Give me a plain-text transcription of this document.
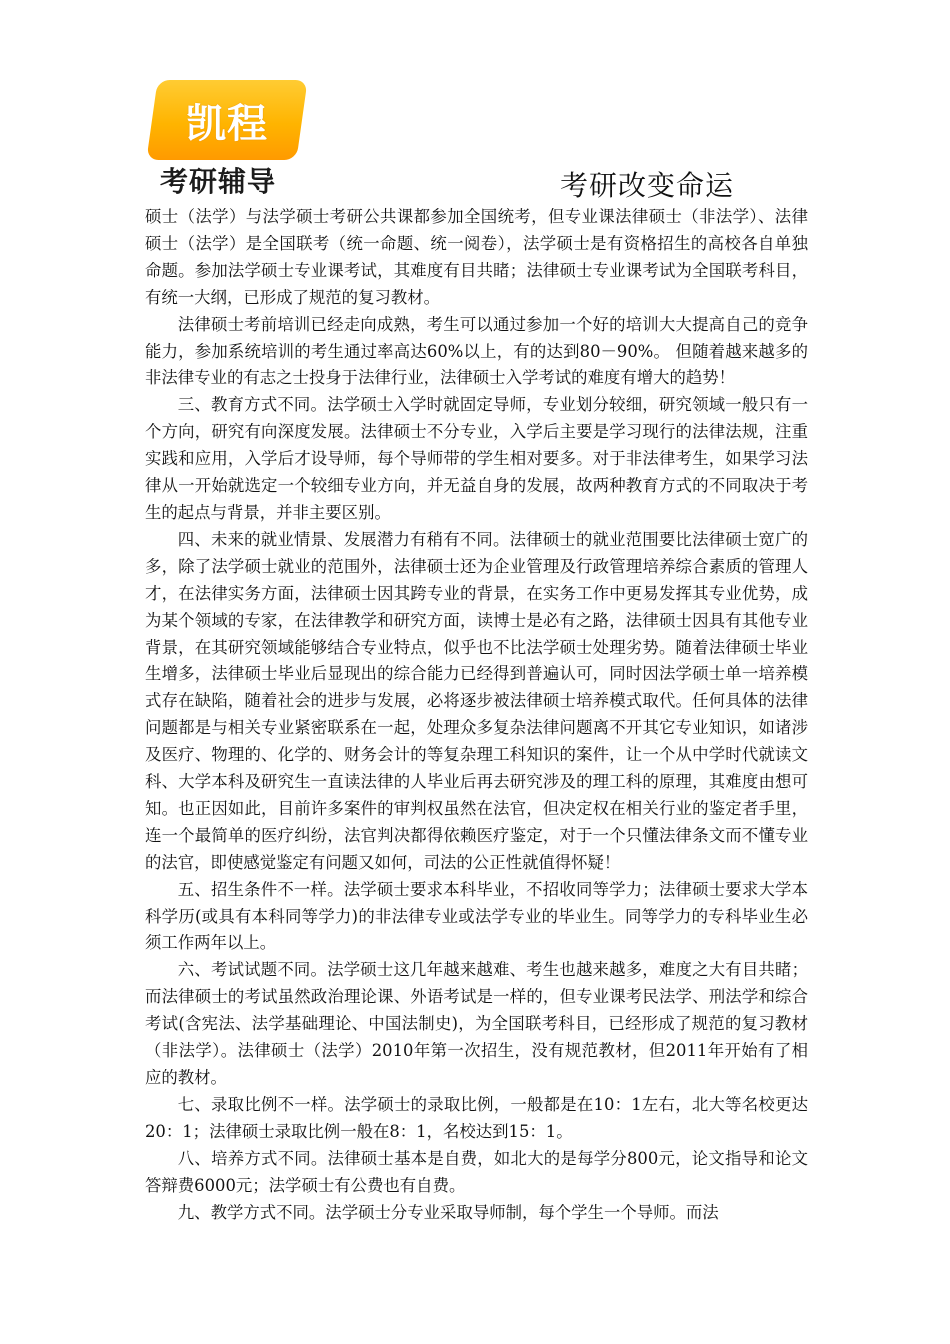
凯程
考研辅导	考研改变命运

硕士（法学）与法学硕士考研公共课都参加全国统考，但专业课法律硕士（非法学）、法律硕士（法学）是全国联考（统一命题、统一阅卷），法学硕士是有资格招生的高校各自单独命题。参加法学硕士专业课考试，其难度有目共睹；法律硕士专业课考试为全国联考科目，有统一大纲，已形成了规范的复习教材。

法律硕士考前培训已经走向成熟，考生可以通过参加一个好的培训大大提高自己的竞争能力，参加系统培训的考生通过率高达60%以上，有的达到80－90%。 但随着越来越多的非法律专业的有志之士投身于法律行业，法律硕士入学考试的难度有增大的趋势！

三、教育方式不同。法学硕士入学时就固定导师，专业划分较细，研究领域一般只有一个方向，研究有向深度发展。法律硕士不分专业，入学后主要是学习现行的法律法规，注重实践和应用，入学后才设导师，每个导师带的学生相对要多。对于非法律考生，如果学习法律从一开始就选定一个较细专业方向，并无益自身的发展，故两种教育方式的不同取决于考生的起点与背景，并非主要区别。

四、未来的就业情景、发展潜力有稍有不同。法律硕士的就业范围要比法律硕士宽广的多，除了法学硕士就业的范围外，法律硕士还为企业管理及行政管理培养综合素质的管理人才，在法律实务方面，法律硕士因其跨专业的背景，在实务工作中更易发挥其专业优势，成为某个领域的专家，在法律教学和研究方面，读博士是必有之路，法律硕士因具有其他专业背景，在其研究领域能够结合专业特点，似乎也不比法学硕士处理劣势。随着法律硕士毕业生增多，法律硕士毕业后显现出的综合能力已经得到普遍认可，同时因法学硕士单一培养模式存在缺陷，随着社会的进步与发展，必将逐步被法律硕士培养模式取代。任何具体的法律问题都是与相关专业紧密联系在一起，处理众多复杂法律问题离不开其它专业知识，如诸涉及医疗、物理的、化学的、财务会计的等复杂理工科知识的案件，让一个从中学时代就读文科、大学本科及研究生一直读法律的人毕业后再去研究涉及的理工科的原理，其难度由想可知。也正因如此，目前许多案件的审判权虽然在法官，但决定权在相关行业的鉴定者手里，连一个最简单的医疗纠纷，法官判决都得依赖医疗鉴定，对于一个只懂法律条文而不懂专业的法官，即使感觉鉴定有问题又如何，司法的公正性就值得怀疑！

五、招生条件不一样。法学硕士要求本科毕业，不招收同等学力；法律硕士要求大学本科学历(或具有本科同等学力)的非法律专业或法学专业的毕业生。同等学力的专科毕业生必须工作两年以上。

六、考试试题不同。法学硕士这几年越来越难、考生也越来越多，难度之大有目共睹；而法律硕士的考试虽然政治理论课、外语考试是一样的，但专业课考民法学、刑法学和综合考试(含宪法、法学基础理论、中国法制史)，为全国联考科目，已经形成了规范的复习教材（非法学）。法律硕士（法学）2010年第一次招生，没有规范教材，但2011年开始有了相应的教材。

七、录取比例不一样。法学硕士的录取比例，一般都是在10：1左右，北大等名校更达20：1；法律硕士录取比例一般在8：1，名校达到15：1。

八、培养方式不同。法律硕士基本是自费，如北大的是每学分800元，论文指导和论文答辩费6000元；法学硕士有公费也有自费。

九、教学方式不同。法学硕士分专业采取导师制，每个学生一个导师。而法
